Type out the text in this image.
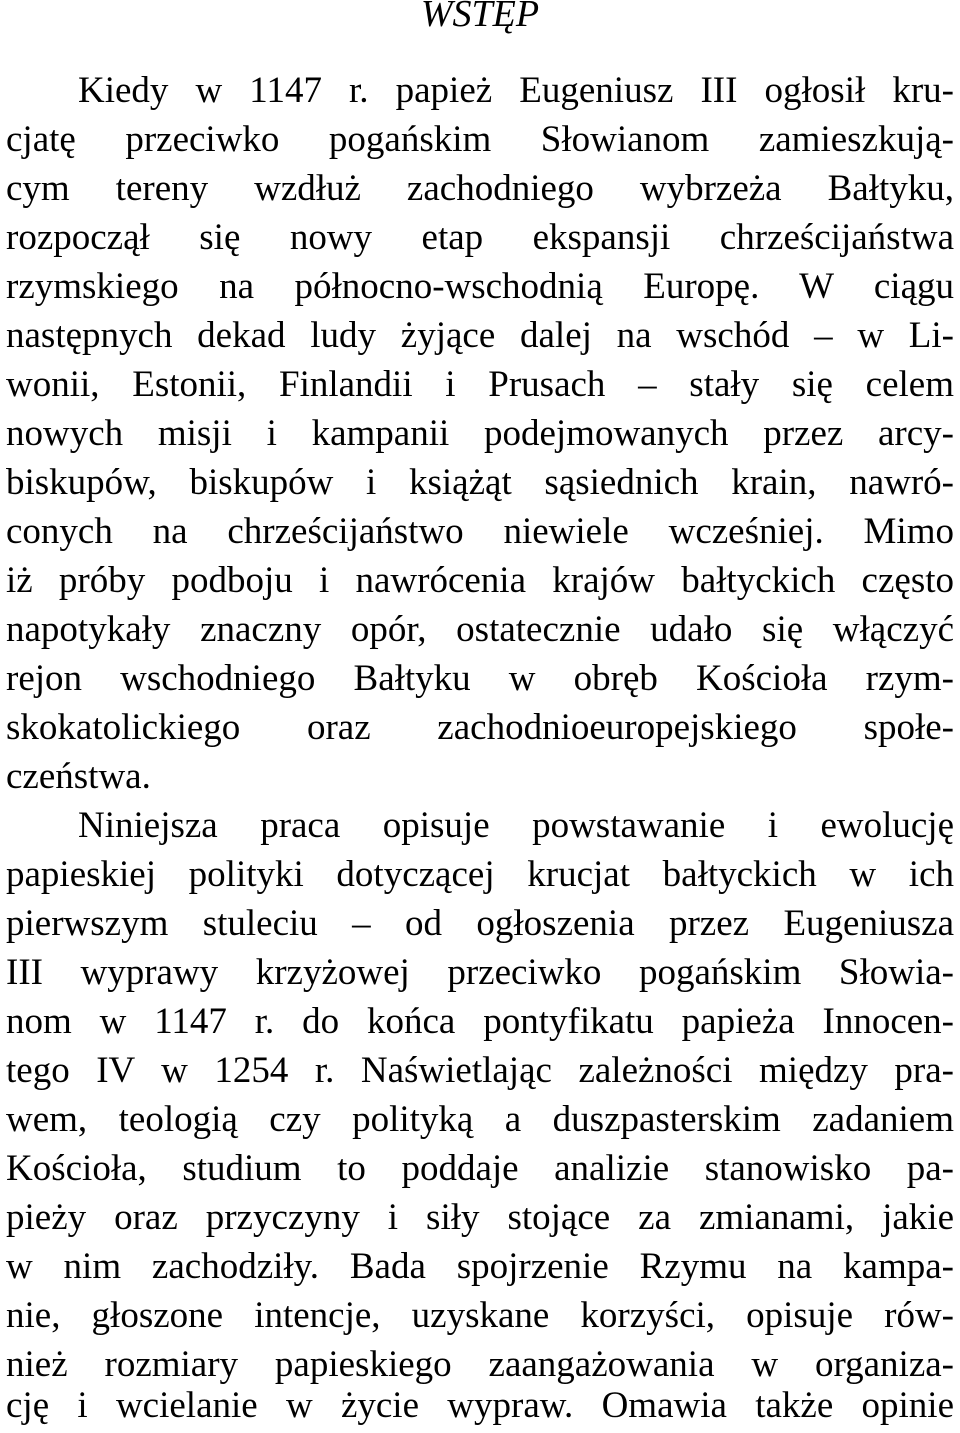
WSTĘP
Kiedy w 1147 r. papież Eugeniusz III ogłosił kru-
cjatę przeciwko pogańskim Słowianom zamieszkują-
cym tereny wzdłuż zachodniego wybrzeża Bałtyku,
rozpoczął się nowy etap ekspansji chrześcijaństwa
rzymskiego na północno-wschodnią Europę. W ciągu
następnych dekad ludy żyjące dalej na wschód – w Li-
wonii, Estonii, Finlandii i Prusach – stały się celem
nowych misji i kampanii podejmowanych przez arcy-
biskupów, biskupów i książąt sąsiednich krain, nawró-
conych na chrześcijaństwo niewiele wcześniej. Mimo
iż próby podboju i nawrócenia krajów bałtyckich często
napotykały znaczny opór, ostatecznie udało się włączyć
rejon wschodniego Bałtyku w obręb Kościoła rzym-
skokatolickiego oraz zachodnioeuropejskiego społe-
czeństwa.
Niniejsza praca opisuje powstawanie i ewolucję
papieskiej polityki dotyczącej krucjat bałtyckich w ich
pierwszym stuleciu – od ogłoszenia przez Eugeniusza
III wyprawy krzyżowej przeciwko pogańskim Słowia-
nom w 1147 r. do końca pontyfikatu papieża Innocen-
tego IV w 1254 r. Naświetlając zależności między pra-
wem, teologią czy polityką a duszpasterskim zadaniem
Kościoła, studium to poddaje analizie stanowisko pa-
pieży oraz przyczyny i siły stojące za zmianami, jakie
w nim zachodziły. Bada spojrzenie Rzymu na kampa-
nie, głoszone intencje, uzyskane korzyści, opisuje rów-
nież rozmiary papieskiego zaangażowania w organiza-
cję i wcielanie w życie wypraw. Omawia także opinie
